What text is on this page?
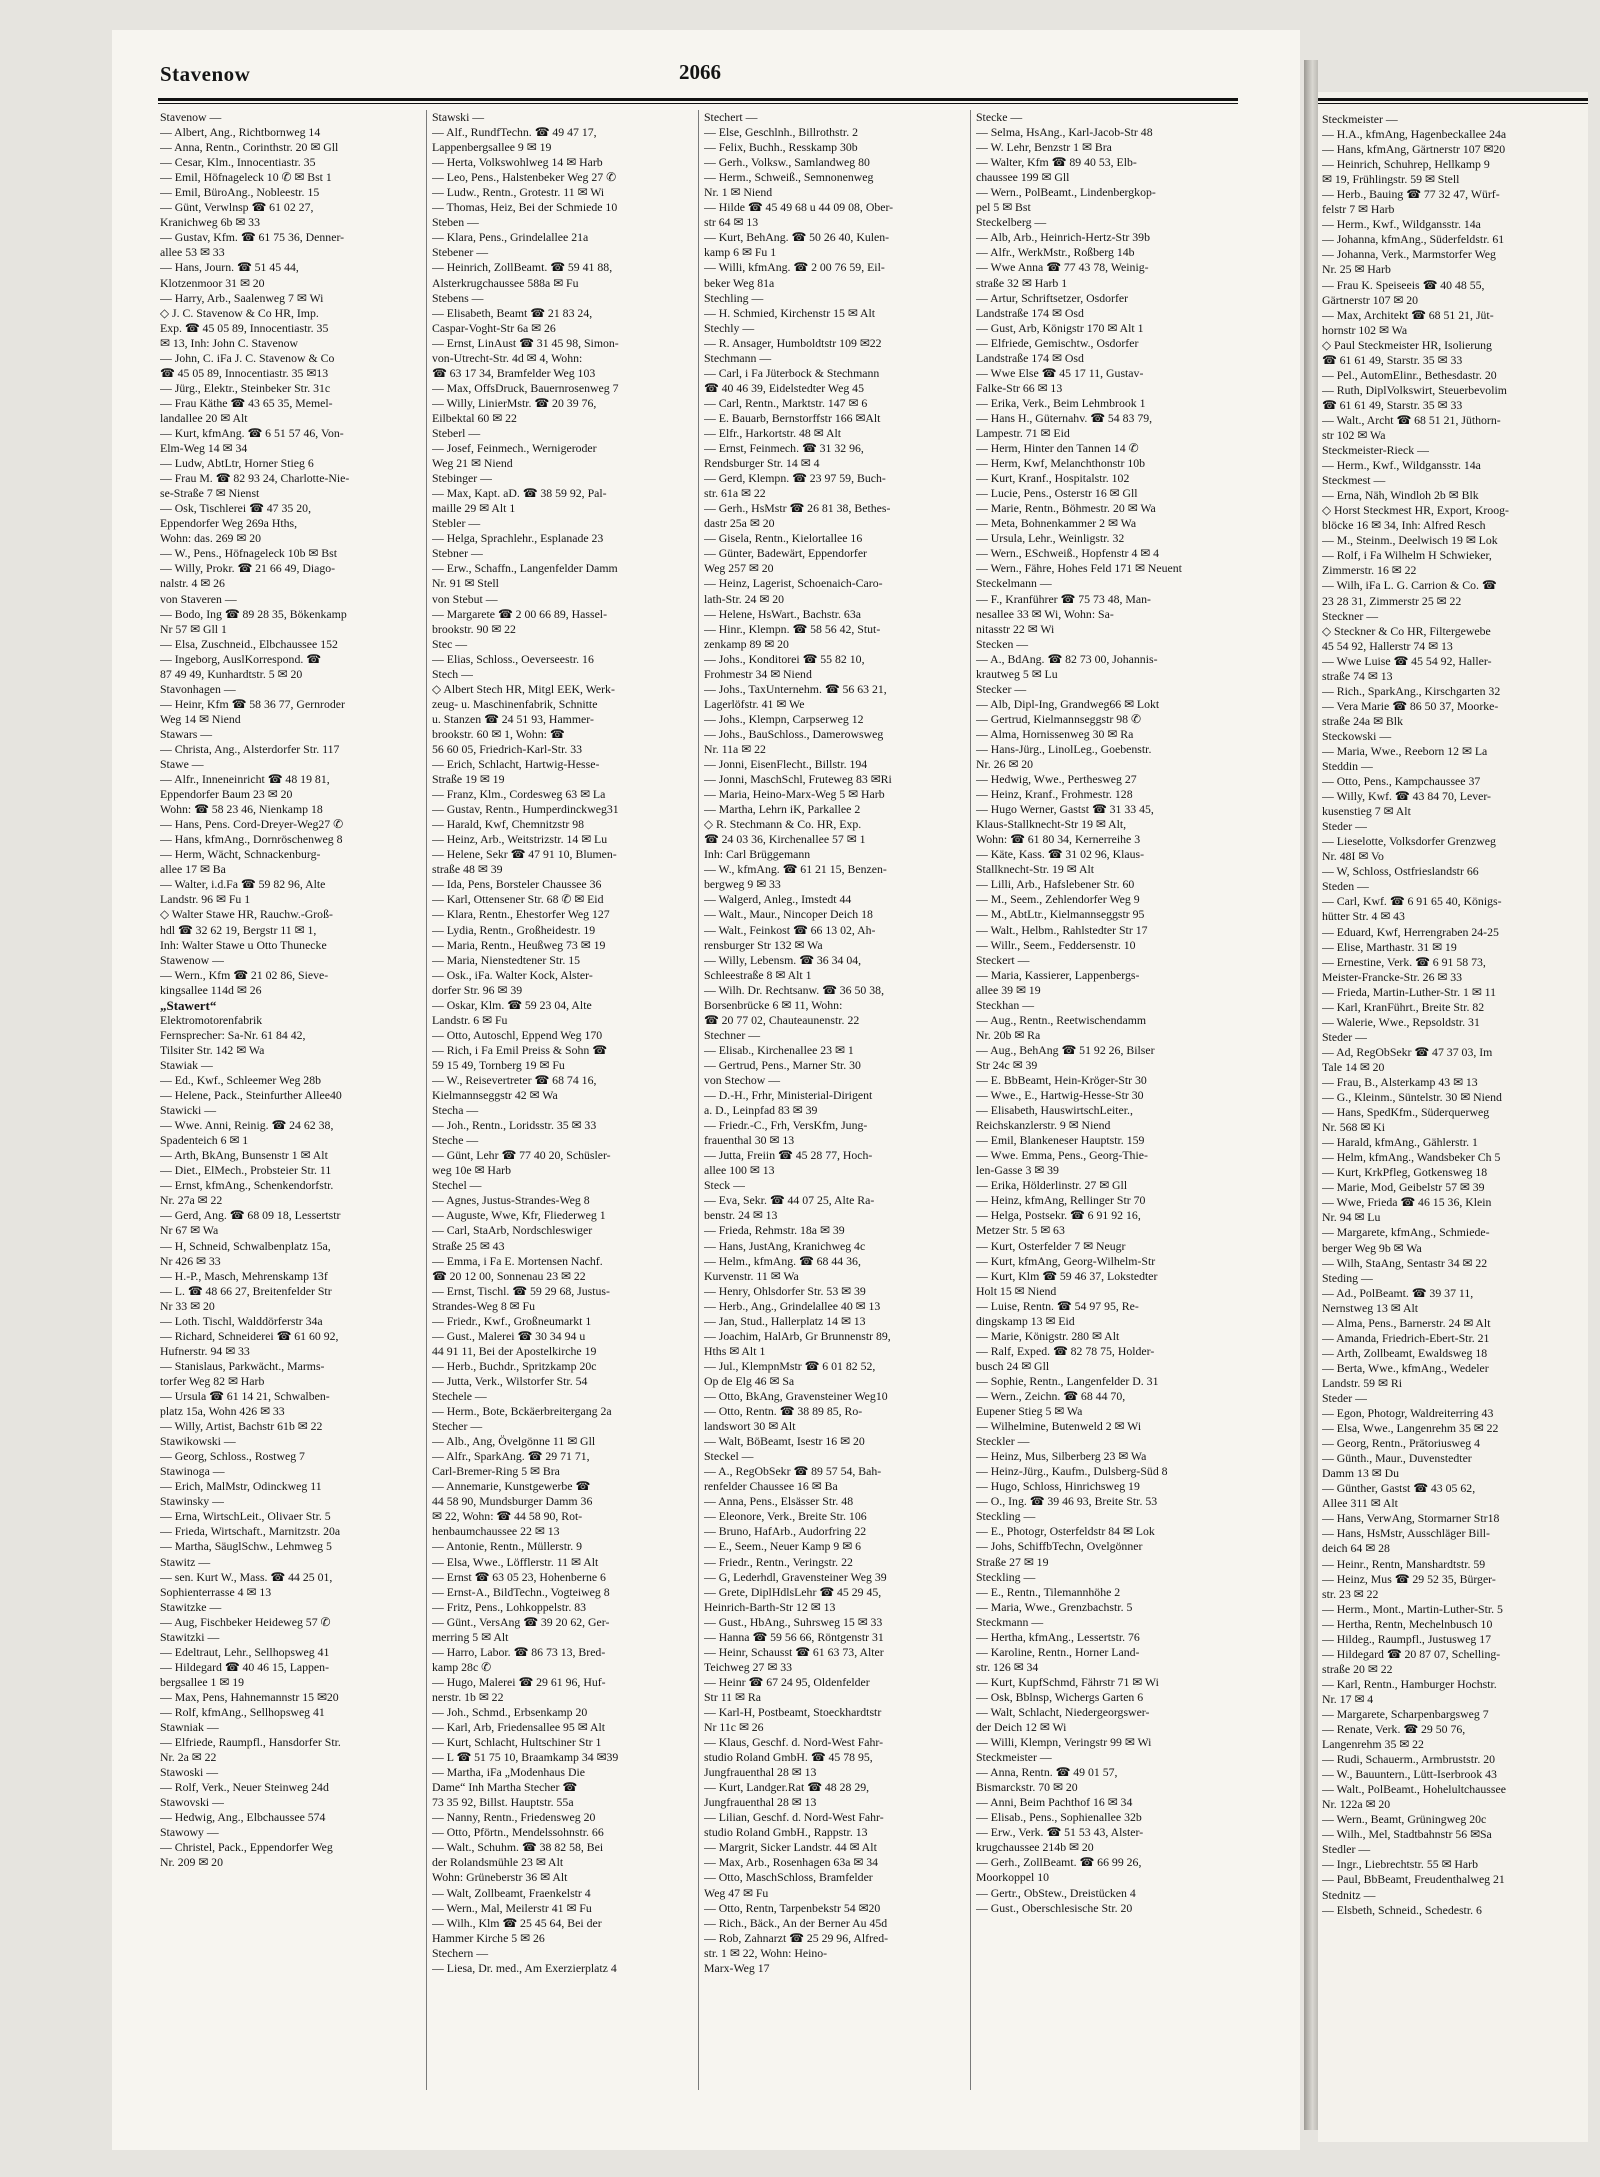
Steckmeister —
— H.A., kfmAng, Hagenbeckallee 24a
— Hans, kfmAng, Gärtnerstr 107 ✉20
— Heinrich, Schuhrep, Hellkamp 9
✉ 19, Frühlingstr. 59 ✉ Stell
— Herb., Bauing ☎ 77 32 47, Würf-
felstr 7 ✉ Harb
— Herm., Kwf., Wildgansstr. 14a
— Johanna, kfmAng., Süderfeldstr. 61
— Johanna, Verk., Marmstorfer Weg
Nr. 25 ✉ Harb
— Frau K. Speiseeis ☎ 40 48 55,
Gärtnerstr 107 ✉ 20
— Max, Architekt ☎ 68 51 21, Jüt-
hornstr 102 ✉ Wa
◇ Paul Steckmeister HR, Isolierung
☎ 61 61 49, Starstr. 35 ✉ 33
— Pel., AutomElinr., Bethesdastr. 20
— Ruth, DiplVolkswirt, Steuerbevolim
☎ 61 61 49, Starstr. 35 ✉ 33
— Walt., Archt ☎ 68 51 21, Jüthorn-
str 102 ✉ Wa
Steckmeister-Rieck —
— Herm., Kwf., Wildgansstr. 14a
Steckmest —
— Erna, Näh, Windloh 2b ✉ Blk
◇ Horst Steckmest HR, Export, Kroog-
blöcke 16 ✉ 34, Inh: Alfred Resch
— M., Steinm., Deelwisch 19 ✉ Lok
— Rolf, i Fa Wilhelm H Schwieker,
Zimmerstr. 16 ✉ 22
— Wilh, iFa L. G. Carrion & Co. ☎
23 28 31, Zimmerstr 25 ✉ 22
Steckner —
◇ Steckner & Co HR, Filtergewebe
45 54 92, Hallerstr 74 ✉ 13
— Wwe Luise ☎ 45 54 92, Haller-
straße 74 ✉ 13
— Rich., SparkAng., Kirschgarten 32
— Vera Marie ☎ 86 50 37, Moorke-
straße 24a ✉ Blk
Steckowski —
— Maria, Wwe., Reeborn 12 ✉ La
Steddin —
— Otto, Pens., Kampchaussee 37
— Willy, Kwf. ☎ 43 84 70, Lever-
kusenstieg 7 ✉ Alt
Steder —
— Lieselotte, Volksdorfer Grenzweg
Nr. 48I ✉ Vo
— W, Schloss, Ostfrieslandstr 66
Steden —
— Carl, Kwf. ☎ 6 91 65 40, Königs-
hütter Str. 4 ✉ 43
— Eduard, Kwf, Herrengraben 24-25
— Elise, Marthastr. 31 ✉ 19
— Ernestine, Verk. ☎ 6 91 58 73,
Meister-Francke-Str. 26 ✉ 33
— Frieda, Martin-Luther-Str. 1 ✉ 11
— Karl, KranFührt., Breite Str. 82
— Walerie, Wwe., Repsoldstr. 31
Steder —
— Ad, RegObSekr ☎ 47 37 03, Im
Tale 14 ✉ 20
— Frau, B., Alsterkamp 43 ✉ 13
— G., Kleinm., Süntelstr. 30 ✉ Niend
— Hans, SpedKfm., Süderquerweg
Nr. 568 ✉ Ki
— Harald, kfmAng., Gählerstr. 1
— Helm, kfmAng., Wandsbeker Ch 5
— Kurt, KrkPfleg, Gotkensweg 18
— Marie, Mod, Geibelstr 57 ✉ 39
— Wwe, Frieda ☎ 46 15 36, Klein
Nr. 94 ✉ Lu
— Margarete, kfmAng., Schmiede-
berger Weg 9b ✉ Wa
— Wilh, StaAng, Sentastr 34 ✉ 22
Steding —
— Ad., PolBeamt. ☎ 39 37 11,
Nernstweg 13 ✉ Alt
— Alma, Pens., Barnerstr. 24 ✉ Alt
— Amanda, Friedrich-Ebert-Str. 21
— Arth, Zollbeamt, Ewaldsweg 18
— Berta, Wwe., kfmAng., Wedeler
Landstr. 59 ✉ Ri
Steder —
— Egon, Photogr, Waldreiterring 43
— Elsa, Wwe., Langenrehm 35 ✉ 22
— Georg, Rentn., Prätoriusweg 4
— Günth., Maur., Duvenstedter
Damm 13 ✉ Du
— Günther, Gastst ☎ 43 05 62,
Allee 311 ✉ Alt
— Hans, VerwAng, Stormarner Str18
— Hans, HsMstr, Ausschläger Bill-
deich 64 ✉ 28
— Heinr., Rentn, Manshardtstr. 59
— Heinz, Mus ☎ 29 52 35, Bürger-
str. 23 ✉ 22
— Herm., Mont., Martin-Luther-Str. 5
— Hertha, Rentn, Mechelnbusch 10
— Hildeg., Raumpfl., Justusweg 17
— Hildegard ☎ 20 87 07, Schelling-
straße 20 ✉ 22
— Karl, Rentn., Hamburger Hochstr.
Nr. 17 ✉ 4
— Margarete, Scharpenbargsweg 7
— Renate, Verk. ☎ 29 50 76,
Langenrehm 35 ✉ 22
— Rudi, Schauerm., Armbruststr. 20
— W., Bauuntern., Lütt-Iserbrook 43
— Walt., PolBeamt., Hohelultchaussee
Nr. 122a ✉ 20
— Wern., Beamt, Grüningweg 20c
— Wilh., Mel, Stadtbahnstr 56 ✉Sa
Stedler —
— Ingr., Liebrechtstr. 55 ✉ Harb
— Paul, BbBeamt, Freudenthalweg 21
Stednitz —
— Elsbeth, Schneid., Schedestr. 6
Stavenow	2066
Stavenow —
— Albert, Ang., Richtbornweg 14
— Anna, Rentn., Corinthstr. 20 ✉ Gll
— Cesar, Klm., Innocentiastr. 35
— Emil, Höfnageleck 10 ✆ ✉ Bst 1
— Emil, BüroAng., Nobleestr. 15
— Günt, Verwlnsp ☎ 61 02 27,
Kranichweg 6b ✉ 33
— Gustav, Kfm. ☎ 61 75 36, Denner-
allee 53 ✉ 33
— Hans, Journ. ☎ 51 45 44,
Klotzenmoor 31 ✉ 20
— Harry, Arb., Saalenweg 7 ✉ Wi
◇ J. C. Stavenow & Co HR, Imp.
Exp. ☎ 45 05 89, Innocentiastr. 35
✉ 13, Inh: John C. Stavenow
— John, C. iFa J. C. Stavenow & Co
☎ 45 05 89, Innocentiastr. 35 ✉13
— Jürg., Elektr., Steinbeker Str. 31c
— Frau Käthe ☎ 43 65 35, Memel-
landallee 20 ✉ Alt
— Kurt, kfmAng. ☎ 6 51 57 46, Von-
Elm-Weg 14 ✉ 34
— Ludw, AbtLtr, Horner Stieg 6
— Frau M. ☎ 82 93 24, Charlotte-Nie-
se-Straße 7 ✉ Nienst
— Osk, Tischlerei ☎ 47 35 20,
Eppendorfer Weg 269a Hths,
Wohn: das. 269 ✉ 20
— W., Pens., Höfnageleck 10b ✉ Bst
— Willy, Prokr. ☎ 21 66 49, Diago-
nalstr. 4 ✉ 26
von Staveren —
— Bodo, Ing ☎ 89 28 35, Bökenkamp
Nr 57 ✉ Gll 1
— Elsa, Zuschneid., Elbchaussee 152
— Ingeborg, AuslKorrespond. ☎
87 49 49, Kunhardtstr. 5 ✉ 20
Stavonhagen —
— Heinr, Kfm ☎ 58 36 77, Gernroder
Weg 14 ✉ Niend
Stawars —
— Christa, Ang., Alsterdorfer Str. 117
Stawe —
— Alfr., Inneneinricht ☎ 48 19 81,
Eppendorfer Baum 23 ✉ 20
Wohn: ☎ 58 23 46, Nienkamp 18
— Hans, Pens. Cord-Dreyer-Weg27 ✆
— Hans, kfmAng., Dornröschenweg 8
— Herm, Wächt, Schnackenburg-
allee 17 ✉ Ba
— Walter, i.d.Fa ☎ 59 82 96, Alte
Landstr. 96 ✉ Fu 1
◇ Walter Stawe HR, Rauchw.-Groß-
hdl ☎ 32 62 19, Bergstr 11 ✉ 1,
Inh: Walter Stawe u Otto Thunecke
Stawenow —
— Wern., Kfm ☎ 21 02 86, Sieve-
kingsallee 114d ✉ 26
„Stawert“
Elektromotorenfabrik
Fernsprecher: Sa-Nr. 61 84 42,
Tilsiter Str. 142 ✉ Wa
Stawiak —
— Ed., Kwf., Schleemer Weg 28b
— Helene, Pack., Steinfurther Allee40
Stawicki —
— Wwe. Anni, Reinig. ☎ 24 62 38,
Spadenteich 6 ✉ 1
— Arth, BkAng, Bunsenstr 1 ✉ Alt
— Diet., ElMech., Probsteier Str. 11
— Ernst, kfmAng., Schenkendorfstr.
Nr. 27a ✉ 22
— Gerd, Ang. ☎ 68 09 18, Lessertstr
Nr 67 ✉ Wa
— H, Schneid, Schwalbenplatz 15a,
Nr 426 ✉ 33
— H.-P., Masch, Mehrenskamp 13f
— L. ☎ 48 66 27, Breitenfelder Str
Nr 33 ✉ 20
— Loth. Tischl, Walddörferstr 34a
— Richard, Schneiderei ☎ 61 60 92,
Hufnerstr. 94 ✉ 33
— Stanislaus, Parkwächt., Marms-
torfer Weg 82 ✉ Harb
— Ursula ☎ 61 14 21, Schwalben-
platz 15a, Wohn 426 ✉ 33
— Willy, Artist, Bachstr 61b ✉ 22
Stawikowski —
— Georg, Schloss., Rostweg 7
Stawinoga —
— Erich, MalMstr, Odinckweg 11
Stawinsky —
— Erna, WirtschLeit., Olivaer Str. 5
— Frieda, Wirtschaft., Marnitzstr. 20a
— Martha, SäuglSchw., Lehmweg 5
Stawitz —
— sen. Kurt W., Mass. ☎ 44 25 01,
Sophienterrasse 4 ✉ 13
Stawitzke —
— Aug, Fischbeker Heideweg 57 ✆
Stawitzki —
— Edeltraut, Lehr., Sellhopsweg 41
— Hildegard ☎ 40 46 15, Lappen-
bergsallee 1 ✉ 19
— Max, Pens, Hahnemannstr 15 ✉20
— Rolf, kfmAng., Sellhopsweg 41
Stawniak —
— Elfriede, Raumpfl., Hansdorfer Str.
Nr. 2a ✉ 22
Stawoski —
— Rolf, Verk., Neuer Steinweg 24d
Stawovski —
— Hedwig, Ang., Elbchaussee 574
Stawowy —
— Christel, Pack., Eppendorfer Weg
Nr. 209 ✉ 20
Stawski —
— Alf., RundfTechn. ☎ 49 47 17,
Lappenbergsallee 9 ✉ 19
— Herta, Volkswohlweg 14 ✉ Harb
— Leo, Pens., Halstenbeker Weg 27 ✆
— Ludw., Rentn., Grotestr. 11 ✉ Wi
— Thomas, Heiz, Bei der Schmiede 10
Steben —
— Klara, Pens., Grindelallee 21a
Stebener —
— Heinrich, ZollBeamt. ☎ 59 41 88,
Alsterkrugchaussee 588a ✉ Fu
Stebens —
— Elisabeth, Beamt ☎ 21 83 24,
Caspar-Voght-Str 6a ✉ 26
— Ernst, LinAust ☎ 31 45 98, Simon-
von-Utrecht-Str. 4d ✉ 4, Wohn:
☎ 63 17 34, Bramfelder Weg 103
— Max, OffsDruck, Bauernrosenweg 7
— Willy, LinierMstr. ☎ 20 39 76,
Eilbektal 60 ✉ 22
Steberl —
— Josef, Feinmech., Wernigeroder
Weg 21 ✉ Niend
Stebinger —
— Max, Kapt. aD. ☎ 38 59 92, Pal-
maille 29 ✉ Alt 1
Stebler —
— Helga, Sprachlehr., Esplanade 23
Stebner —
— Erw., Schaffn., Langenfelder Damm
Nr. 91 ✉ Stell
von Stebut —
— Margarete ☎ 2 00 66 89, Hassel-
brookstr. 90 ✉ 22
Stec —
— Elias, Schloss., Oeverseestr. 16
Stech —
◇ Albert Stech HR, Mitgl EEK, Werk-
zeug- u. Maschinenfabrik, Schnitte
u. Stanzen ☎ 24 51 93, Hammer-
brookstr. 60 ✉ 1, Wohn: ☎
56 60 05, Friedrich-Karl-Str. 33
— Erich, Schlacht, Hartwig-Hesse-
Straße 19 ✉ 19
— Franz, Klm., Cordesweg 63 ✉ La
— Gustav, Rentn., Humperdinckweg31
— Harald, Kwf, Chemnitzstr 98
— Heinz, Arb., Weitstrizstr. 14 ✉ Lu
— Helene, Sekr ☎ 47 91 10, Blumen-
straße 48 ✉ 39
— Ida, Pens, Borsteler Chaussee 36
— Karl, Ottensener Str. 68 ✆ ✉ Eid
— Klara, Rentn., Ehestorfer Weg 127
— Lydia, Rentn., Großheidestr. 19
— Maria, Rentn., Heußweg 73 ✉ 19
— Maria, Nienstedtener Str. 15
— Osk., iFa. Walter Kock, Alster-
dorfer Str. 96 ✉ 39
— Oskar, Klm. ☎ 59 23 04, Alte
Landstr. 6 ✉ Fu
— Otto, Autoschl, Eppend Weg 170
— Rich, i Fa Emil Preiss & Sohn ☎
59 15 49, Tornberg 19 ✉ Fu
— W., Reisevertreter ☎ 68 74 16,
Kielmannseggstr 42 ✉ Wa
Stecha —
— Joh., Rentn., Loridsstr. 35 ✉ 33
Steche —
— Günt, Lehr ☎ 77 40 20, Schüsler-
weg 10e ✉ Harb
Stechel —
— Agnes, Justus-Strandes-Weg 8
— Auguste, Wwe, Kfr, Fliederweg 1
— Carl, StaArb, Nordschleswiger
Straße 25 ✉ 43
— Emma, i Fa E. Mortensen Nachf.
☎ 20 12 00, Sonnenau 23 ✉ 22
— Ernst, Tischl. ☎ 59 29 68, Justus-
Strandes-Weg 8 ✉ Fu
— Friedr., Kwf., Großneumarkt 1
— Gust., Malerei ☎ 30 34 94 u
44 91 11, Bei der Apostelkirche 19
— Herb., Buchdr., Spritzkamp 20c
— Jutta, Verk., Wilstorfer Str. 54
Stechele —
— Herm., Bote, Bckäerbreitergang 2a
Stecher —
— Alb., Ang, Övelgönne 11 ✉ Gll
— Alfr., SparkAng. ☎ 29 71 71,
Carl-Bremer-Ring 5 ✉ Bra
— Annemarie, Kunstgewerbe ☎
44 58 90, Mundsburger Damm 36
✉ 22, Wohn: ☎ 44 58 90, Rot-
henbaumchaussee 22 ✉ 13
— Antonie, Rentn., Müllerstr. 9
— Elsa, Wwe., Löfflerstr. 11 ✉ Alt
— Ernst ☎ 63 05 23, Hohenberne 6
— Ernst-A., BildTechn., Vogteiweg 8
— Fritz, Pens., Lohkoppelstr. 83
— Günt., VersAng ☎ 39 20 62, Ger-
merring 5 ✉ Alt
— Harro, Labor. ☎ 86 73 13, Bred-
kamp 28c ✆
— Hugo, Malerei ☎ 29 61 96, Huf-
nerstr. 1b ✉ 22
— Joh., Schmd., Erbsenkamp 20
— Karl, Arb, Friedensallee 95 ✉ Alt
— Kurt, Schlacht, Hultschiner Str 1
— L ☎ 51 75 10, Braamkamp 34 ✉39
— Martha, iFa „Modenhaus Die
Dame“ Inh Martha Stecher ☎
73 35 92, Billst. Hauptstr. 55a
— Nanny, Rentn., Friedensweg 20
— Otto, Pförtn., Mendelssohnstr. 66
— Walt., Schuhm. ☎ 38 82 58, Bei
der Rolandsmühle 23 ✉ Alt
Wohn: Grüneberstr 36 ✉ Alt
— Walt, Zollbeamt, Fraenkelstr 4
— Wern., Mal, Meilerstr 41 ✉ Fu
— Wilh., Klm ☎ 25 45 64, Bei der
Hammer Kirche 5 ✉ 26
Stechern —
— Liesa, Dr. med., Am Exerzierplatz 4
Stechert —
— Else, Geschlnh., Billrothstr. 2
— Felix, Buchh., Resskamp 30b
— Gerh., Volksw., Samlandweg 80
— Herm., Schweiß., Semnonenweg
Nr. 1 ✉ Niend
— Hilde ☎ 45 49 68 u 44 09 08, Ober-
str 64 ✉ 13
— Kurt, BehAng. ☎ 50 26 40, Kulen-
kamp 6 ✉ Fu 1
— Willi, kfmAng. ☎ 2 00 76 59, Eil-
beker Weg 81a
Stechling —
— H. Schmied, Kirchenstr 15 ✉ Alt
Stechly —
— R. Ansager, Humboldtstr 109 ✉22
Stechmann —
— Carl, i Fa Jüterbock & Stechmann
☎ 40 46 39, Eidelstedter Weg 45
— Carl, Rentn., Marktstr. 147 ✉ 6
— E. Bauarb, Bernstorffstr 166 ✉Alt
— Elfr., Harkortstr. 48 ✉ Alt
— Ernst, Feinmech. ☎ 31 32 96,
Rendsburger Str. 14 ✉ 4
— Gerd, Klempn. ☎ 23 97 59, Buch-
str. 61a ✉ 22
— Gerh., HsMstr ☎ 26 81 38, Bethes-
dastr 25a ✉ 20
— Gisela, Rentn., Kielortallee 16
— Günter, Badewärt, Eppendorfer
Weg 257 ✉ 20
— Heinz, Lagerist, Schoenaich-Caro-
lath-Str. 24 ✉ 20
— Helene, HsWart., Bachstr. 63a
— Hinr., Klempn. ☎ 58 56 42, Stut-
zenkamp 89 ✉ 20
— Johs., Konditorei ☎ 55 82 10,
Frohmestr 34 ✉ Niend
— Johs., TaxUnternehm. ☎ 56 63 21,
Lagerlöfstr. 41 ✉ We
— Johs., Klempn, Carpserweg 12
— Johs., BauSchloss., Damerowsweg
Nr. 11a ✉ 22
— Jonni, EisenFlecht., Billstr. 194
— Jonni, MaschSchl, Fruteweg 83 ✉Ri
— Maria, Heino-Marx-Weg 5 ✉ Harb
— Martha, Lehrn iK, Parkallee 2
◇ R. Stechmann & Co. HR, Exp.
☎ 24 03 36, Kirchenallee 57 ✉ 1
Inh: Carl Brüggemann
— W., kfmAng. ☎ 61 21 15, Benzen-
bergweg 9 ✉ 33
— Walgerd, Anleg., Imstedt 44
— Walt., Maur., Nincoper Deich 18
— Walt., Feinkost ☎ 66 13 02, Ah-
rensburger Str 132 ✉ Wa
— Willy, Lebensm. ☎ 36 34 04,
Schleestraße 8 ✉ Alt 1
— Wilh. Dr. Rechtsanw. ☎ 36 50 38,
Borsenbrücke 6 ✉ 11, Wohn:
☎ 20 77 02, Chauteaunenstr. 22
Stechner —
— Elisab., Kirchenallee 23 ✉ 1
— Gertrud, Pens., Marner Str. 30
von Stechow —
— D.-H., Frhr, Ministerial-Dirigent
a. D., Leinpfad 83 ✉ 39
— Friedr.-C., Frh, VersKfm, Jung-
frauenthal 30 ✉ 13
— Jutta, Freiin ☎ 45 28 77, Hoch-
allee 100 ✉ 13
Steck —
— Eva, Sekr. ☎ 44 07 25, Alte Ra-
benstr. 24 ✉ 13
— Frieda, Rehmstr. 18a ✉ 39
— Hans, JustAng, Kranichweg 4c
— Helm., kfmAng. ☎ 68 44 36,
Kurvenstr. 11 ✉ Wa
— Henry, Ohlsdorfer Str. 53 ✉ 39
— Herb., Ang., Grindelallee 40 ✉ 13
— Jan, Stud., Hallerplatz 14 ✉ 13
— Joachim, HalArb, Gr Brunnenstr 89,
Hths ✉ Alt 1
— Jul., KlempnMstr ☎ 6 01 82 52,
Op de Elg 46 ✉ Sa
— Otto, BkAng, Gravensteiner Weg10
— Otto, Rentn. ☎ 38 89 85, Ro-
landswort 30 ✉ Alt
— Walt, BöBeamt, Isestr 16 ✉ 20
Steckel —
— A., RegObSekr ☎ 89 57 54, Bah-
renfelder Chaussee 16 ✉ Ba
— Anna, Pens., Elsässer Str. 48
— Eleonore, Verk., Breite Str. 106
— Bruno, HafArb., Audorfring 22
— E., Seem., Neuer Kamp 9 ✉ 6
— Friedr., Rentn., Veringstr. 22
— G, Lederhdl, Gravensteiner Weg 39
— Grete, DiplHdlsLehr ☎ 45 29 45,
Heinrich-Barth-Str 12 ✉ 13
— Gust., HbAng., Suhrsweg 15 ✉ 33
— Hanna ☎ 59 56 66, Röntgenstr 31
— Heinr, Schausst ☎ 61 63 73, Alter
Teichweg 27 ✉ 33
— Heinr ☎ 67 24 95, Oldenfelder
Str 11 ✉ Ra
— Karl-H, Postbeamt, Stoeckhardtstr
Nr 11c ✉ 26
— Klaus, Geschf. d. Nord-West Fahr-
studio Roland GmbH. ☎ 45 78 95,
Jungfrauenthal 28 ✉ 13
— Kurt, Landger.Rat ☎ 48 28 29,
Jungfrauenthal 28 ✉ 13
— Lilian, Geschf. d. Nord-West Fahr-
studio Roland GmbH., Rappstr. 13
— Margrit, Sicker Landstr. 44 ✉ Alt
— Max, Arb., Rosenhagen 63a ✉ 34
— Otto, MaschSchloss, Bramfelder
Weg 47 ✉ Fu
— Otto, Rentn, Tarpenbekstr 54 ✉20
— Rich., Bäck., An der Berner Au 45d
— Rob, Zahnarzt ☎ 25 29 96, Alfred-
str. 1 ✉ 22, Wohn: Heino-
Marx-Weg 17
Stecke —
— Selma, HsAng., Karl-Jacob-Str 48
— W. Lehr, Benzstr 1 ✉ Bra
— Walter, Kfm ☎ 89 40 53, Elb-
chaussee 199 ✉ Gll
— Wern., PolBeamt., Lindenbergkop-
pel 5 ✉ Bst
Steckelberg —
— Alb, Arb., Heinrich-Hertz-Str 39b
— Alfr., WerkMstr., Roßberg 14b
— Wwe Anna ☎ 77 43 78, Weinig-
straße 32 ✉ Harb 1
— Artur, Schriftsetzer, Osdorfer
Landstraße 174 ✉ Osd
— Gust, Arb, Königstr 170 ✉ Alt 1
— Elfriede, Gemischtw., Osdorfer
Landstraße 174 ✉ Osd
— Wwe Else ☎ 45 17 11, Gustav-
Falke-Str 66 ✉ 13
— Erika, Verk., Beim Lehmbrook 1
— Hans H., Güternahv. ☎ 54 83 79,
Lampestr. 71 ✉ Eid
— Herm, Hinter den Tannen 14 ✆
— Herm, Kwf, Melanchthonstr 10b
— Kurt, Kranf., Hospitalstr. 102
— Lucie, Pens., Osterstr 16 ✉ Gll
— Marie, Rentn., Böhmestr. 20 ✉ Wa
— Meta, Bohnenkammer 2 ✉ Wa
— Ursula, Lehr., Weinligstr. 32
— Wern., ESchweiß., Hopfenstr 4 ✉ 4
— Wern., Fähre, Hohes Feld 171 ✉ Neuent
Steckelmann —
— F., Kranführer ☎ 75 73 48, Man-
nesallee 33 ✉ Wi, Wohn: Sa-
nitasstr 22 ✉ Wi
Stecken —
— A., BdAng. ☎ 82 73 00, Johannis-
krautweg 5 ✉ Lu
Stecker —
— Alb, Dipl-Ing, Grandweg66 ✉ Lokt
— Gertrud, Kielmannseggstr 98 ✆
— Alma, Hornissenweg 30 ✉ Ra
— Hans-Jürg., LinolLeg., Goebenstr.
Nr. 26 ✉ 20
— Hedwig, Wwe., Perthesweg 27
— Heinz, Kranf., Frohmestr. 128
— Hugo Werner, Gastst ☎ 31 33 45,
Klaus-Stallknecht-Str 19 ✉ Alt,
Wohn: ☎ 61 80 34, Kernerreihe 3
— Käte, Kass. ☎ 31 02 96, Klaus-
Stallknecht-Str. 19 ✉ Alt
— Lilli, Arb., Hafslebener Str. 60
— M., Seem., Zehlendorfer Weg 9
— M., AbtLtr., Kielmannseggstr 95
— Walt., Helbm., Rahlstedter Str 17
— Willr., Seem., Feddersenstr. 10
Steckert —
— Maria, Kassierer, Lappenbergs-
allee 39 ✉ 19
Steckhan —
— Aug., Rentn., Reetwischendamm
Nr. 20b ✉ Ra
— Aug., BehAng ☎ 51 92 26, Bilser
Str 24c ✉ 39
— E. BbBeamt, Hein-Kröger-Str 30
— Wwe., E., Hartwig-Hesse-Str 30
— Elisabeth, HauswirtschLeiter.,
Reichskanzlerstr. 9 ✉ Niend
— Emil, Blankeneser Hauptstr. 159
— Wwe. Emma, Pens., Georg-Thie-
len-Gasse 3 ✉ 39
— Erika, Hölderlinstr. 27 ✉ Gll
— Heinz, kfmAng, Rellinger Str 70
— Helga, Postsekr. ☎ 6 91 92 16,
Metzer Str. 5 ✉ 63
— Kurt, Osterfelder 7 ✉ Neugr
— Kurt, kfmAng, Georg-Wilhelm-Str
— Kurt, Klm ☎ 59 46 37, Lokstedter
Holt 15 ✉ Niend
— Luise, Rentn. ☎ 54 97 95, Re-
dingskamp 13 ✉ Eid
— Marie, Königstr. 280 ✉ Alt
— Ralf, Exped. ☎ 82 78 75, Holder-
busch 24 ✉ Gll
— Sophie, Rentn., Langenfelder D. 31
— Wern., Zeichn. ☎ 68 44 70,
Eupener Stieg 5 ✉ Wa
— Wilhelmine, Butenweld 2 ✉ Wi
Steckler —
— Heinz, Mus, Silberberg 23 ✉ Wa
— Heinz-Jürg., Kaufm., Dulsberg-Süd 8
— Hugo, Schloss, Hinrichsweg 19
— O., Ing. ☎ 39 46 93, Breite Str. 53
Steckling —
— E., Photogr, Osterfeldstr 84 ✉ Lok
— Johs, SchiffbTechn, Ovelgönner
Straße 27 ✉ 19
Steckling —
— E., Rentn., Tilemannhöhe 2
— Maria, Wwe., Grenzbachstr. 5
Steckmann —
— Hertha, kfmAng., Lessertstr. 76
— Karoline, Rentn., Horner Land-
str. 126 ✉ 34
— Kurt, KupfSchmd, Fährstr 71 ✉ Wi
— Osk, Bblnsp, Wichergs Garten 6
— Walt, Schlacht, Niedergeorgswer-
der Deich 12 ✉ Wi
— Willi, Klempn, Veringstr 99 ✉ Wi
Steckmeister —
— Anna, Rentn. ☎ 49 01 57,
Bismarckstr. 70 ✉ 20
— Anni, Beim Pachthof 16 ✉ 34
— Elisab., Pens., Sophienallee 32b
— Erw., Verk. ☎ 51 53 43, Alster-
krugchaussee 214b ✉ 20
— Gerh., ZollBeamt. ☎ 66 99 26,
Moorkoppel 10
— Gertr., ObStew., Dreistücken 4
— Gust., Oberschlesische Str. 20
